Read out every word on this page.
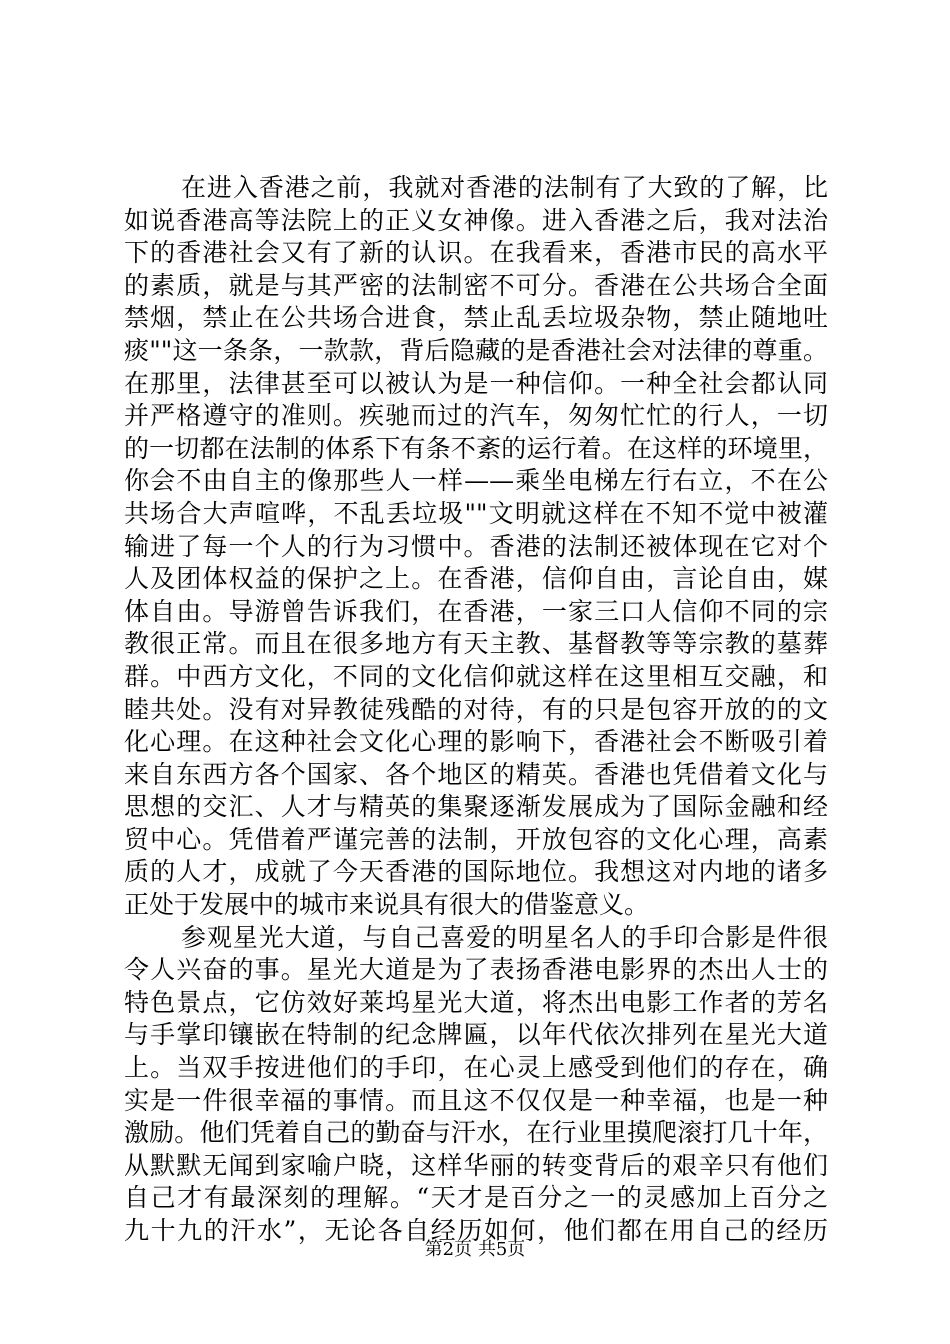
在进入香港之前，我就对香港的法制有了大致的了解，比
如说香港高等法院上的正义女神像。进入香港之后，我对法治
下的香港社会又有了新的认识。在我看来，香港市民的高水平
的素质，就是与其严密的法制密不可分。香港在公共场合全面
禁烟，禁止在公共场合进食，禁止乱丢垃圾杂物，禁止随地吐
痰""这一条条，一款款，背后隐藏的是香港社会对法律的尊重。
在那里，法律甚至可以被认为是一种信仰。一种全社会都认同
并严格遵守的准则。疾驰而过的汽车，匆匆忙忙的行人，一切
的一切都在法制的体系下有条不紊的运行着。在这样的环境里，
你会不由自主的像那些人一样——乘坐电梯左行右立，不在公
共场合大声喧哗，不乱丢垃圾""文明就这样在不知不觉中被灌
输进了每一个人的行为习惯中。香港的法制还被体现在它对个
人及团体权益的保护之上。在香港，信仰自由，言论自由，媒
体自由。导游曾告诉我们，在香港，一家三口人信仰不同的宗
教很正常。而且在很多地方有天主教、基督教等等宗教的墓葬
群。中西方文化，不同的文化信仰就这样在这里相互交融，和
睦共处。没有对异教徒残酷的对待，有的只是包容开放的的文
化心理。在这种社会文化心理的影响下，香港社会不断吸引着
来自东西方各个国家、各个地区的精英。香港也凭借着文化与
思想的交汇、人才与精英的集聚逐渐发展成为了国际金融和经
贸中心。凭借着严谨完善的法制，开放包容的文化心理，高素
质的人才，成就了今天香港的国际地位。我想这对内地的诸多
正处于发展中的城市来说具有很大的借鉴意义。
参观星光大道，与自己喜爱的明星名人的手印合影是件很
令人兴奋的事。星光大道是为了表扬香港电影界的杰出人士的
特色景点，它仿效好莱坞星光大道，将杰出电影工作者的芳名
与手掌印镶嵌在特制的纪念牌匾，以年代依次排列在星光大道
上。当双手按进他们的手印，在心灵上感受到他们的存在，确
实是一件很幸福的事情。而且这不仅仅是一种幸福，也是一种
激励。他们凭着自己的勤奋与汗水，在行业里摸爬滚打几十年，
从默默无闻到家喻户晓，这样华丽的转变背后的艰辛只有他们
自己才有最深刻的理解。“天才是百分之一的灵感加上百分之
九十九的汗水”，无论各自经历如何，他们都在用自己的经历
第2页 共5页
